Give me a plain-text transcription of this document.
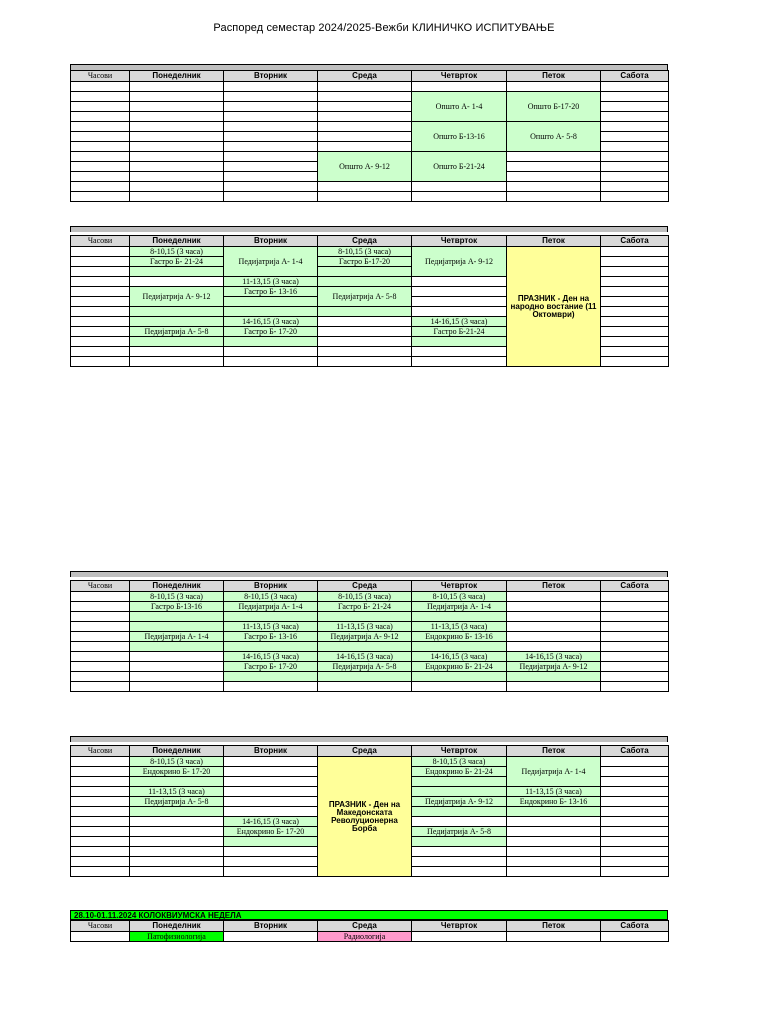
Распоред семестар 2024/2025-Вежби КЛИНИЧКО ИСПИТУВАЊЕ
Часови	Понеделник	Вторник	Среда	Четврток	Петок	Сабота

				Општо А- 1-4	Општо Б-17-20	

				Општо Б-13-16	Општо А- 5-8	

			Општо А- 9-12	Општо Б-21-24		

Часови	Понеделник	Вторник	Среда	Четврток	Петок	Сабота
	8-10,15 (3 часа)	Педијатрија А- 1-4	8-10,15 (3 часа)	Педијатрија А- 9-12	ПРАЗНИК - Ден на народно востание (11 Октомври)	
	Гастро Б- 21-24		Гастро Б-17-20			

		11-13,15 (3 часа)				
	Педијатрија А- 9-12	Гастро Б- 13-16	Педијатрија А- 5-8			

		14-16,15 (3 часа)		14-16,15 (3 часа)		
	Педијатрија А- 5-8	Гастро Б- 17-20		Гастро Б-21-24		

Часови	Понеделник	Вторник	Среда	Четврток	Петок	Сабота
	8-10,15 (3 часа)	8-10,15 (3 часа)	8-10,15 (3 часа)	8-10,15 (3 часа)		
	Гастро Б-13-16	Педијатрија А- 1-4	Гастро Б- 21-24	Педијатрија А- 1-4		

		11-13,15 (3 часа)	11-13,15 (3 часа)	11-13,15 (3 часа)		
	Педијатрија А- 1-4	Гастро Б- 13-16	Педијатрија А- 9-12	Ендокрино Б- 13-16		

		14-16,15 (3 часа)	14-16,15 (3 часа)	14-16,15 (3 часа)	14-16,15 (3 часа)	
		Гастро Б- 17-20	Педијатрија А- 5-8	Ендокрино Б- 21-24	Педијатрија А- 9-12	

Часови	Понеделник	Вторник	Среда	Четврток	Петок	Сабота
	8-10,15 (3 часа)		ПРАЗНИК - Ден на Македонската Револуционерна Борба	8-10,15 (3 часа)	Педијатрија А- 1-4	
	Ендокрино Б- 17-20			Ендокрино Б- 21-24		

	11-13,15 (3 часа)				11-13,15 (3 часа)	
	Педијатрија А- 5-8			Педијатрија А- 9-12	Ендокрино Б- 13-16	

		14-16,15 (3 часа)				
		Ендокрино Б- 17-20		Педијатрија А- 5-8		

28.10-01.11.2024 КОЛОКВИУМСКА НЕДЕЛА
Часови	Понеделник	Вторник	Среда	Четврток	Петок	Сабота
	Патофизиологија		Радиологија			
